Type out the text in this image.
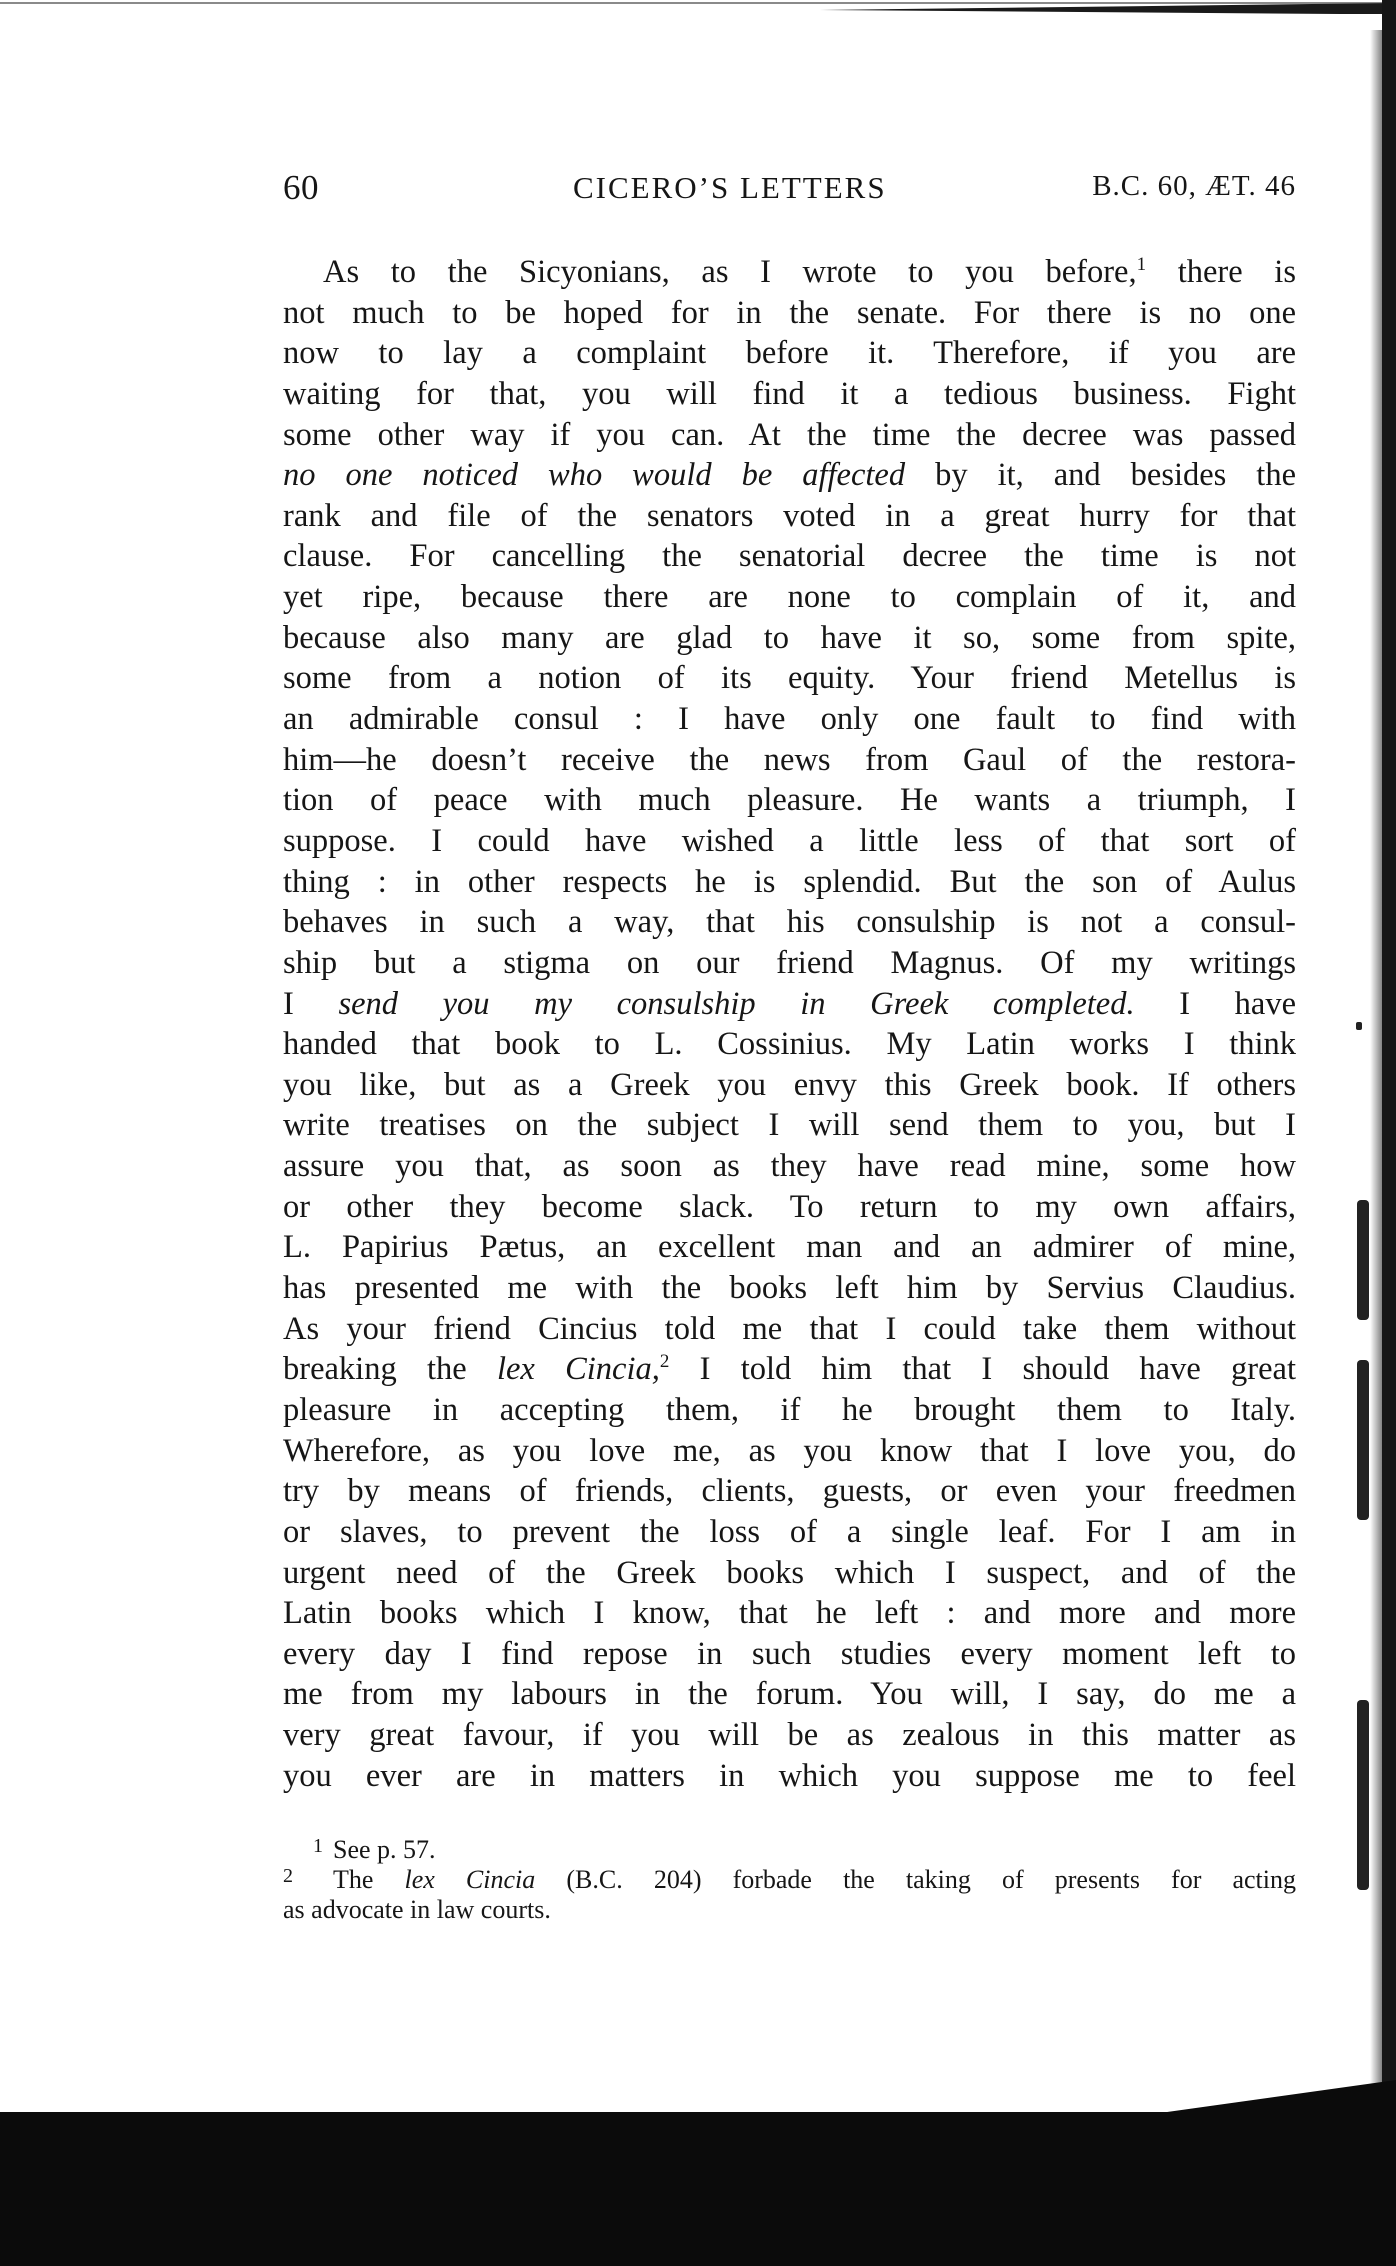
60	CICERO’S LETTERS	B.C. 60, ÆT. 46
As to the Sicyonians, as I wrote to you before,$^1$ there is
not much to be hoped for in the senate. For there is no one
now to lay a complaint before it. Therefore, if you are
waiting for that, you will find it a tedious business. Fight
some other way if you can. At the time the decree was passed
no one noticed who would be affected by it, and besides the
rank and file of the senators voted in a great hurry for that
clause. For cancelling the senatorial decree the time is not
yet ripe, because there are none to complain of it, and
because also many are glad to have it so, some from spite,
some from a notion of its equity. Your friend Metellus is
an admirable consul : I have only one fault to find with
him—he doesn’t receive the news from Gaul of the restora-
tion of peace with much pleasure. He wants a triumph, I
suppose. I could have wished a little less of that sort of
thing : in other respects he is splendid. But the son of Aulus
behaves in such a way, that his consulship is not a consul-
ship but a stigma on our friend Magnus. Of my writings
I send you my consulship in Greek completed. I have
handed that book to L. Cossinius. My Latin works I think
you like, but as a Greek you envy this Greek book. If others
write treatises on the subject I will send them to you, but I
assure you that, as soon as they have read mine, some how
or other they become slack. To return to my own affairs,
L. Papirius Pætus, an excellent man and an admirer of mine,
has presented me with the books left him by Servius Claudius.
As your friend Cincius told me that I could take them without
breaking the lex Cincia,$^2$ I told him that I should have great
pleasure in accepting them, if he brought them to Italy.
Wherefore, as you love me, as you know that I love you, do
try by means of friends, clients, guests, or even your freedmen
or slaves, to prevent the loss of a single leaf. For I am in
urgent need of the Greek books which I suspect, and of the
Latin books which I know, that he left : and more and more
every day I find repose in such studies every moment left to
me from my labours in the forum. You will, I say, do me a
very great favour, if you will be as zealous in this matter as
you ever are in matters in which you suppose me to feel
1 See p. 57.
2 The lex Cincia (B.C. 204) forbade the taking of presents for acting
as advocate in law courts.
